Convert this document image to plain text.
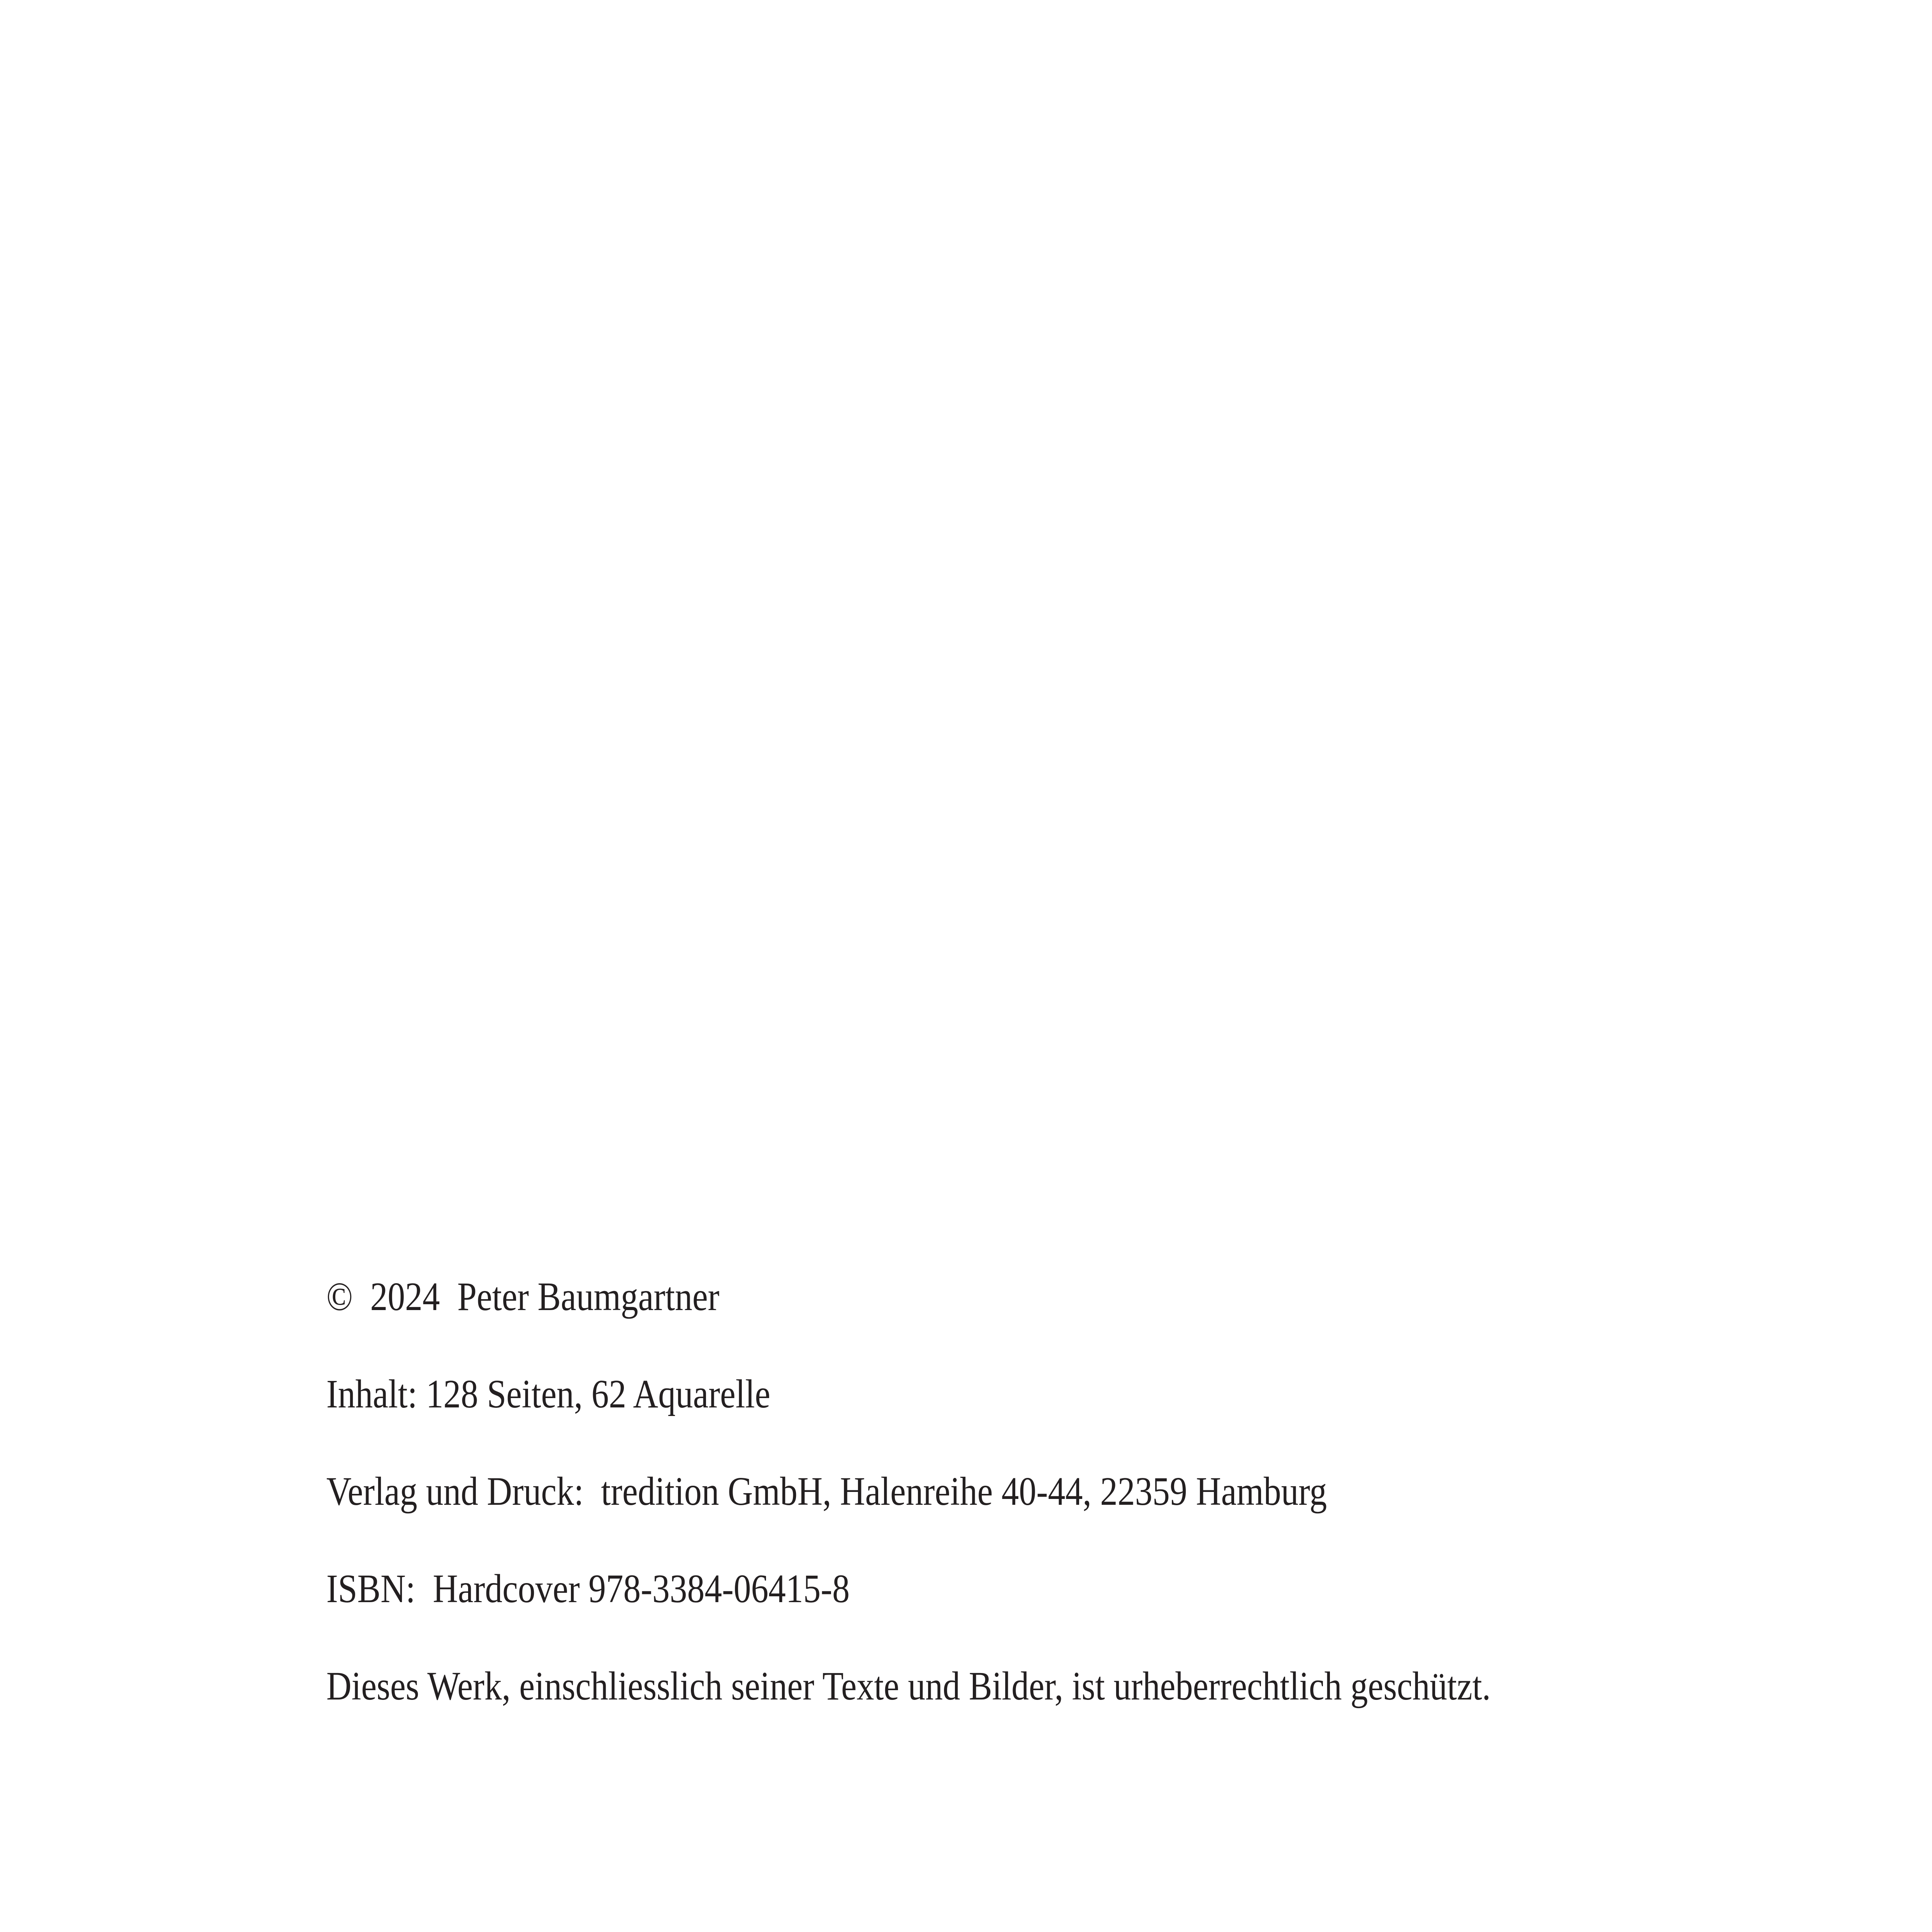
©  2024  Peter Baumgartner

Inhalt: 128 Seiten, 62 Aquarelle

Verlag und Druck:  tredition GmbH, Halenreihe 40-44, 22359 Hamburg

ISBN:  Hardcover 978-3384-06415-8

Dieses Werk, einschliesslich seiner Texte und Bilder, ist urheberrechtlich geschützt.
